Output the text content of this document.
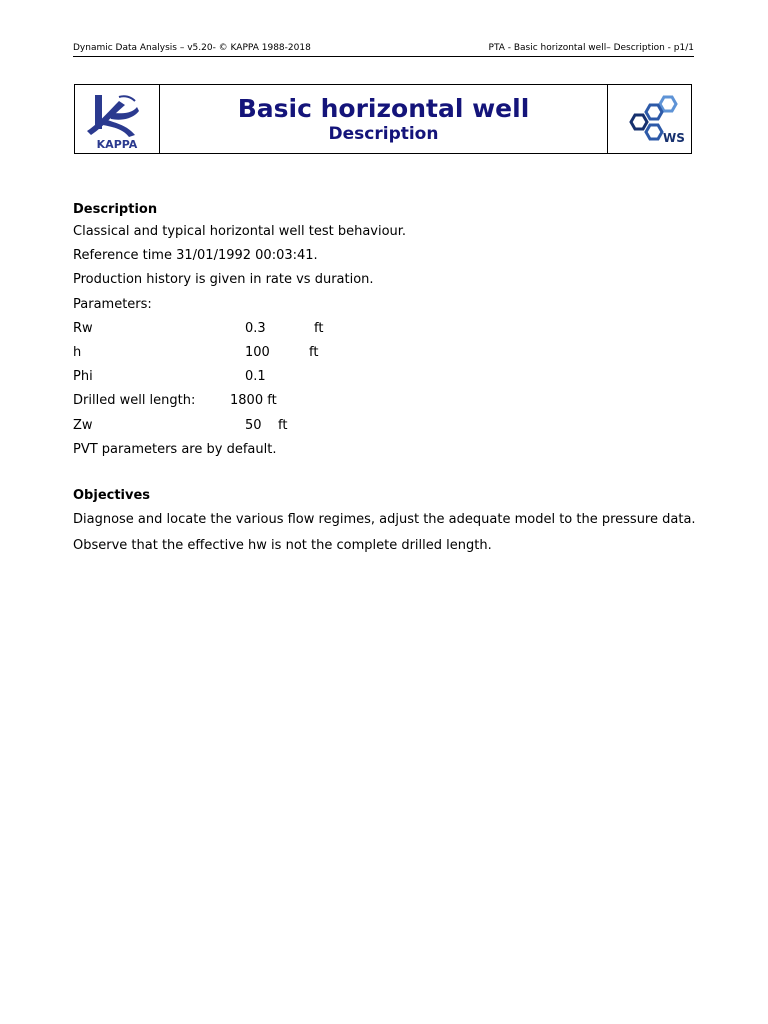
Dynamic Data Analysis – v5.20- © KAPPA 1988-2018	PTA - Basic horizontal well– Description - p1/1
KAPPA
Basic horizontal well
Description	WS
Description
Classical and typical horizontal well test behaviour.
Reference time 31/01/1992 00:03:41.
Production history is given in rate vs duration.
Parameters:
Rw	0.3	ft
h	100	ft
Phi	0.1
Drilled well length:	1800 ft
Zw	50 ft
PVT parameters are by default.
Objectives
Diagnose and locate the various flow regimes, adjust the adequate model to the pressure data.
Observe that the effective hw is not the complete drilled length.
